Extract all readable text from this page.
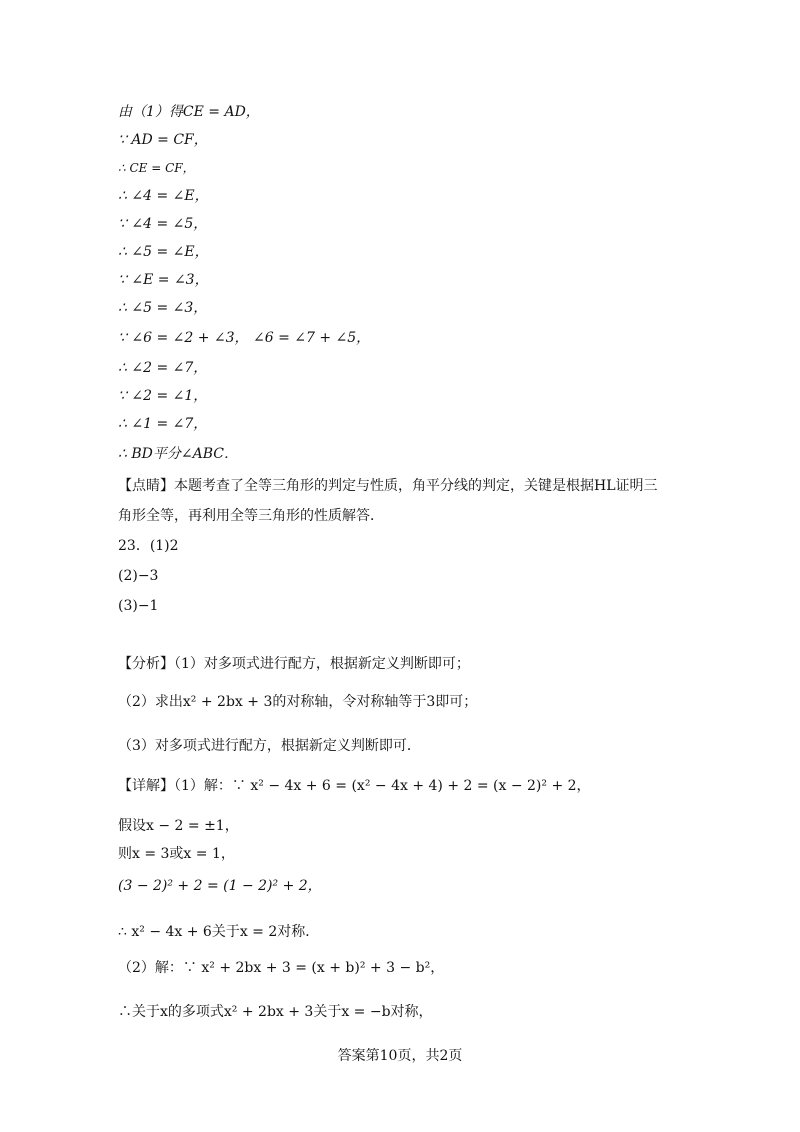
由（1）得CE = AD，
∵ AD = CF，
∴ CE = CF，
∴ ∠4 = ∠E，
∵ ∠4 = ∠5，
∴ ∠5 = ∠E，
∵ ∠E = ∠3，
∴ ∠5 = ∠3，
∵ ∠6 = ∠2 + ∠3， ∠6 = ∠7 + ∠5，
∴ ∠2 = ∠7，
∵ ∠2 = ∠1，
∴ ∠1 = ∠7，
∴ BD平分∠ABC．
【点睛】本题考查了全等三角形的判定与性质，角平分线的判定，关键是根据HL证明三
角形全等，再利用全等三角形的性质解答．
23．(1)2
(2)−3
(3)−1
【分析】（1）对多项式进行配方，根据新定义判断即可；
（2）求出x² + 2bx + 3的对称轴，令对称轴等于3即可；
（3）对多项式进行配方，根据新定义判断即可．
【详解】（1）解：∵ x² − 4x + 6 = (x² − 4x + 4) + 2 = (x − 2)² + 2，
假设x − 2 = ±1，
则x = 3或x = 1，
(3 − 2)² + 2 = (1 − 2)² + 2，
∴ x² − 4x + 6关于x = 2对称．
（2）解：∵ x² + 2bx + 3 = (x + b)² + 3 − b²，
∴关于x的多项式x² + 2bx + 3关于x = −b对称，
答案第10页，共2页
